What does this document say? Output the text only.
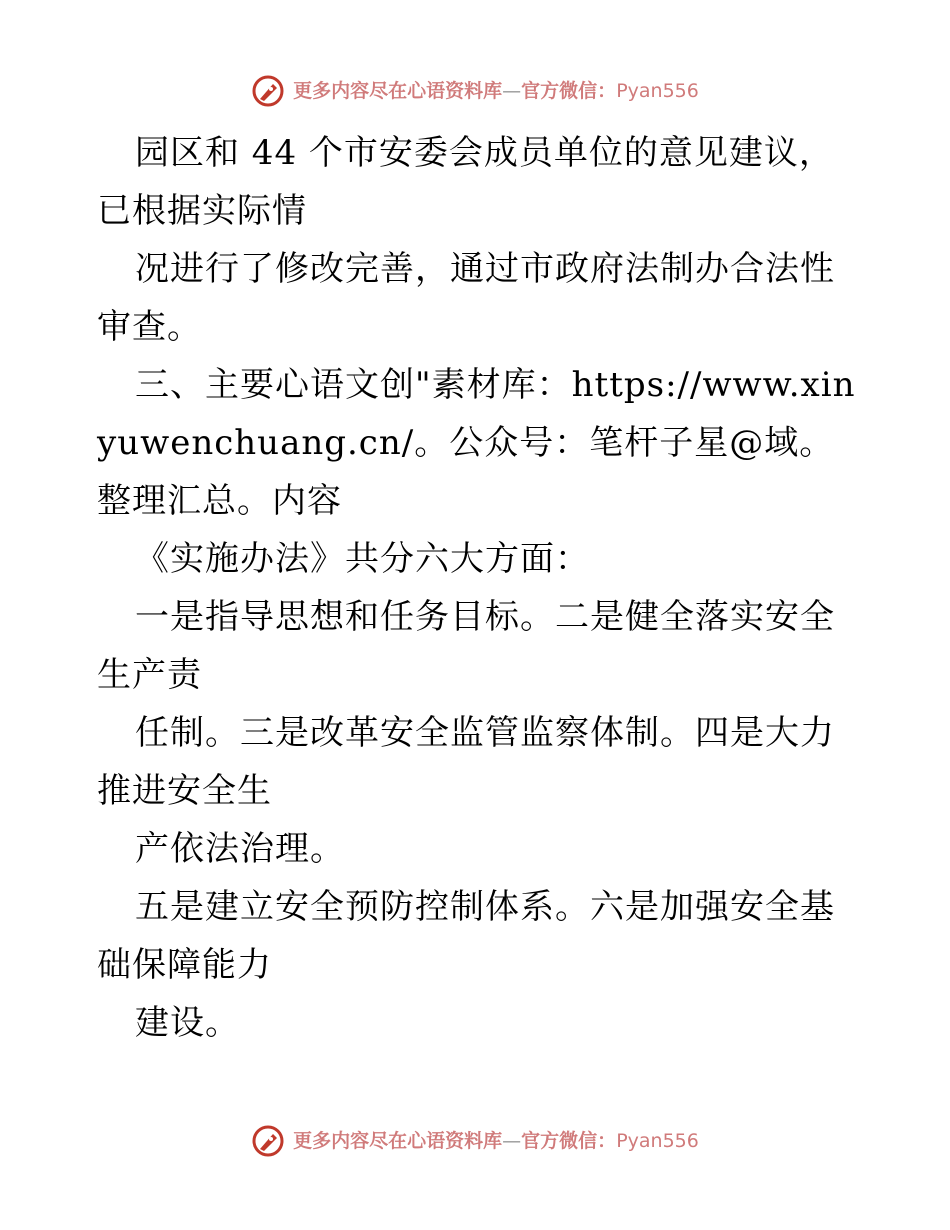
更多内容尽在心语资料库—官方微信：Pyan556

园区和 44 个市安委会成员单位的意见建议，已根据实际情

况进行了修改完善，通过市政府法制办合法性审查。

三、主要心语文创"素材库：https://www.xinyuwenchuang.cn/。公众号：笔杆子星@域。整理汇总。内容

《实施办法》共分六大方面：

一是指导思想和任务目标。二是健全落实安全生产责

任制。三是改革安全监管监察体制。四是大力推进安全生

产依法治理。

五是建立安全预防控制体系。六是加强安全基础保障能力

建设。

更多内容尽在心语资料库—官方微信：Pyan556
